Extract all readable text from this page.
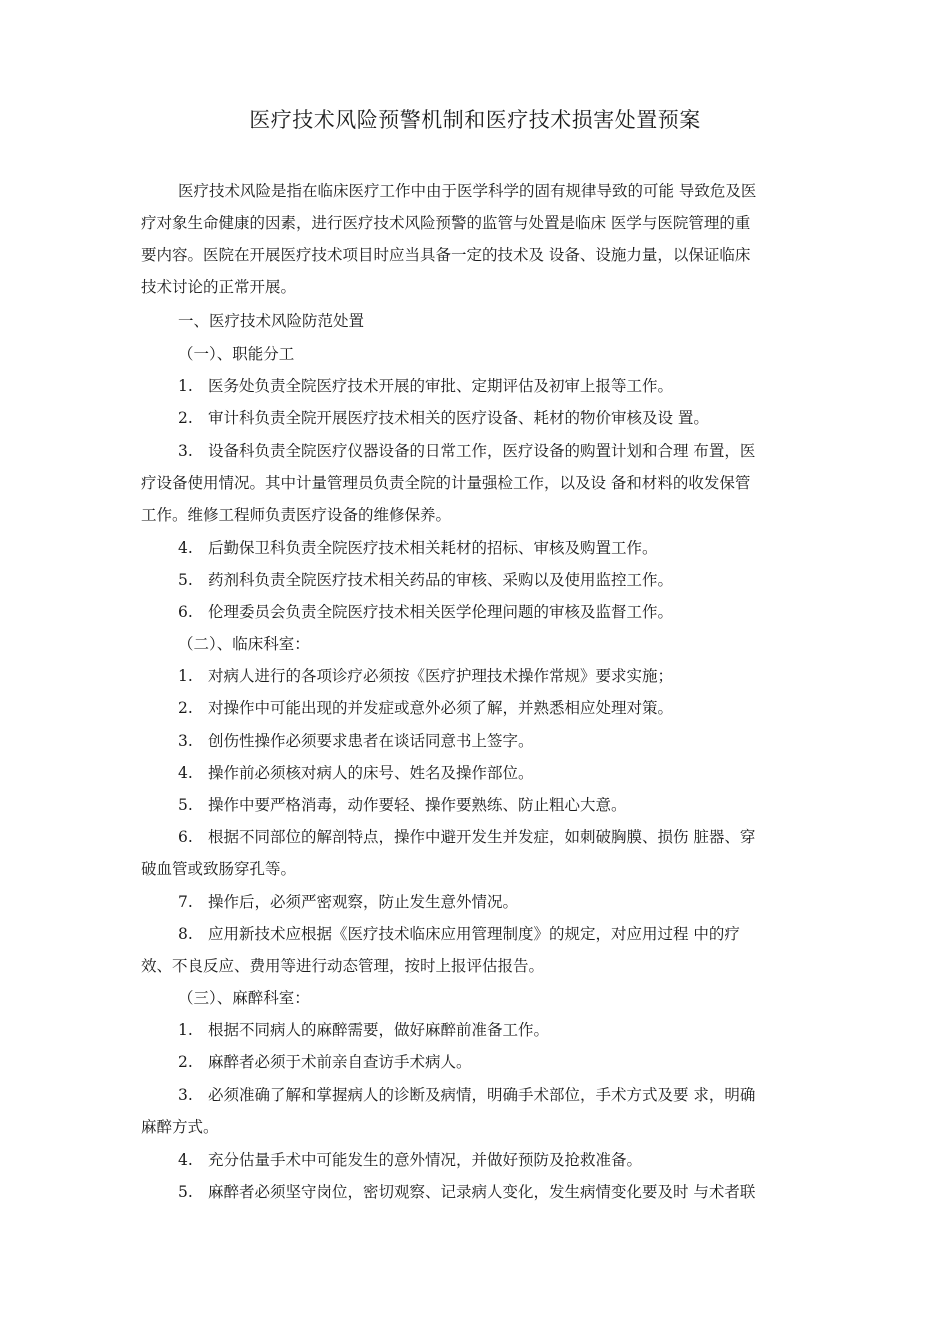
医疗技术风险预警机制和医疗技术损害处置预案
医疗技术风险是指在临床医疗工作中由于医学科学的固有规律导致的可能 导致危及医
疗对象生命健康的因素，进行医疗技术风险预警的监管与处置是临床 医学与医院管理的重
要内容。医院在开展医疗技术项目时应当具备一定的技术及 设备、设施力量，以保证临床
技术讨论的正常开展。
一、医疗技术风险防范处置
（一）、职能分工
1. 医务处负责全院医疗技术开展的审批、定期评估及初审上报等工作。
2. 审计科负责全院开展医疗技术相关的医疗设备、耗材的物价审核及设 置。
3. 设备科负责全院医疗仪器设备的日常工作，医疗设备的购置计划和合理 布置，医
疗设备使用情况。其中计量管理员负责全院的计量强检工作，以及设 备和材料的收发保管
工作。维修工程师负责医疗设备的维修保养。
4. 后勤保卫科负责全院医疗技术相关耗材的招标、审核及购置工作。
5. 药剂科负责全院医疗技术相关药品的审核、采购以及使用监控工作。
6. 伦理委员会负责全院医疗技术相关医学伦理问题的审核及监督工作。
（二）、临床科室：
1. 对病人进行的各项诊疗必须按《医疗护理技术操作常规》要求实施；
2. 对操作中可能出现的并发症或意外必须了解，并熟悉相应处理对策。
3. 创伤性操作必须要求患者在谈话同意书上签字。
4. 操作前必须核对病人的床号、姓名及操作部位。
5. 操作中要严格消毒，动作要轻、操作要熟练、防止粗心大意。
6. 根据不同部位的解剖特点，操作中避开发生并发症，如刺破胸膜、损伤 脏器、穿
破血管或致肠穿孔等。
7. 操作后，必须严密观察，防止发生意外情况。
8. 应用新技术应根据《医疗技术临床应用管理制度》的规定，对应用过程 中的疗
效、不良反应、费用等进行动态管理，按时上报评估报告。
（三）、麻醉科室：
1. 根据不同病人的麻醉需要，做好麻醉前准备工作。
2. 麻醉者必须于术前亲自查访手术病人。
3. 必须准确了解和掌握病人的诊断及病情，明确手术部位，手术方式及要 求，明确
麻醉方式。
4. 充分估量手术中可能发生的意外情况，并做好预防及抢救准备。
5. 麻醉者必须坚守岗位，密切观察、记录病人变化，发生病情变化要及时 与术者联
